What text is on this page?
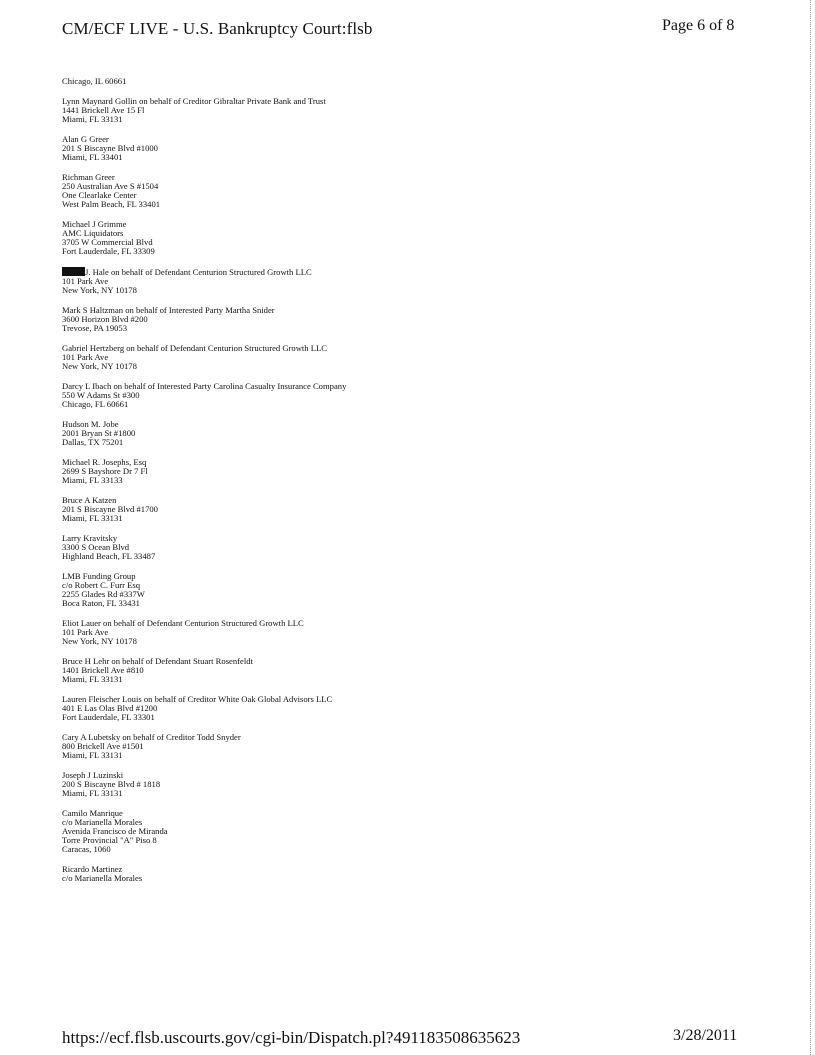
CM/ECF LIVE - U.S. Bankruptcy Court:flsb	Page 6 of 8
Chicago, IL 60661
Lynn Maynard Gollin on behalf of Creditor Gibraltar Private Bank and Trust
1441 Brickell Ave 15 Fl
Miami, FL 33131
Alan G Greer
201 S Biscayne Blvd #1000
Miami, FL 33401
Richman Greer
250 Australian Ave S #1504
One Clearlake Center
West Palm Beach, FL 33401
Michael J Grimme
AMC Liquidators
3705 W Commercial Blvd
Fort Lauderdale, FL 33309
J. Hale on behalf of Defendant Centurion Structured Growth LLC
101 Park Ave
New York, NY 10178
Mark S Haltzman on behalf of Interested Party Martha Snider
3600 Horizon Blvd #200
Trevose, PA 19053
Gabriel Hertzberg on behalf of Defendant Centurion Structured Growth LLC
101 Park Ave
New York, NY 10178
Darcy L Ibach on behalf of Interested Party Carolina Casualty Insurance Company
550 W Adams St #300
Chicago, FL 60661
Hudson M. Jobe
2001 Bryan St #1800
Dallas, TX 75201
Michael R. Josephs, Esq
2699 S Bayshore Dr 7 Fl
Miami, FL 33133
Bruce A Katzen
201 S Biscayne Blvd #1700
Miami, FL 33131
Larry Kravitsky
3300 S Ocean Blvd
Highland Beach, FL 33487
LMB Funding Group
c/o Robert C. Furr Esq
2255 Glades Rd #337W
Boca Raton, FL 33431
Eliot Lauer on behalf of Defendant Centurion Structured Growth LLC
101 Park Ave
New York, NY 10178
Bruce H Lehr on behalf of Defendant Stuart Rosenfeldt
1401 Brickell Ave #810
Miami, FL 33131
Lauren Fleischer Louis on behalf of Creditor White Oak Global Advisors LLC
401 E Las Olas Blvd #1200
Fort Lauderdale, FL 33301
Cary A Lubetsky on behalf of Creditor Todd Snyder
800 Brickell Ave #1501
Miami, FL 33131
Joseph J Luzinski
200 S Biscayne Blvd # 1818
Miami, FL 33131
Camilo Manrique
c/o Marianella Morales
Avenida Francisco de Miranda
Torre Provincial "A" Piso 8
Caracas, 1060
Ricardo Martinez
c/o Marianella Morales
https://ecf.flsb.uscourts.gov/cgi-bin/Dispatch.pl?491183508635623	3/28/2011
